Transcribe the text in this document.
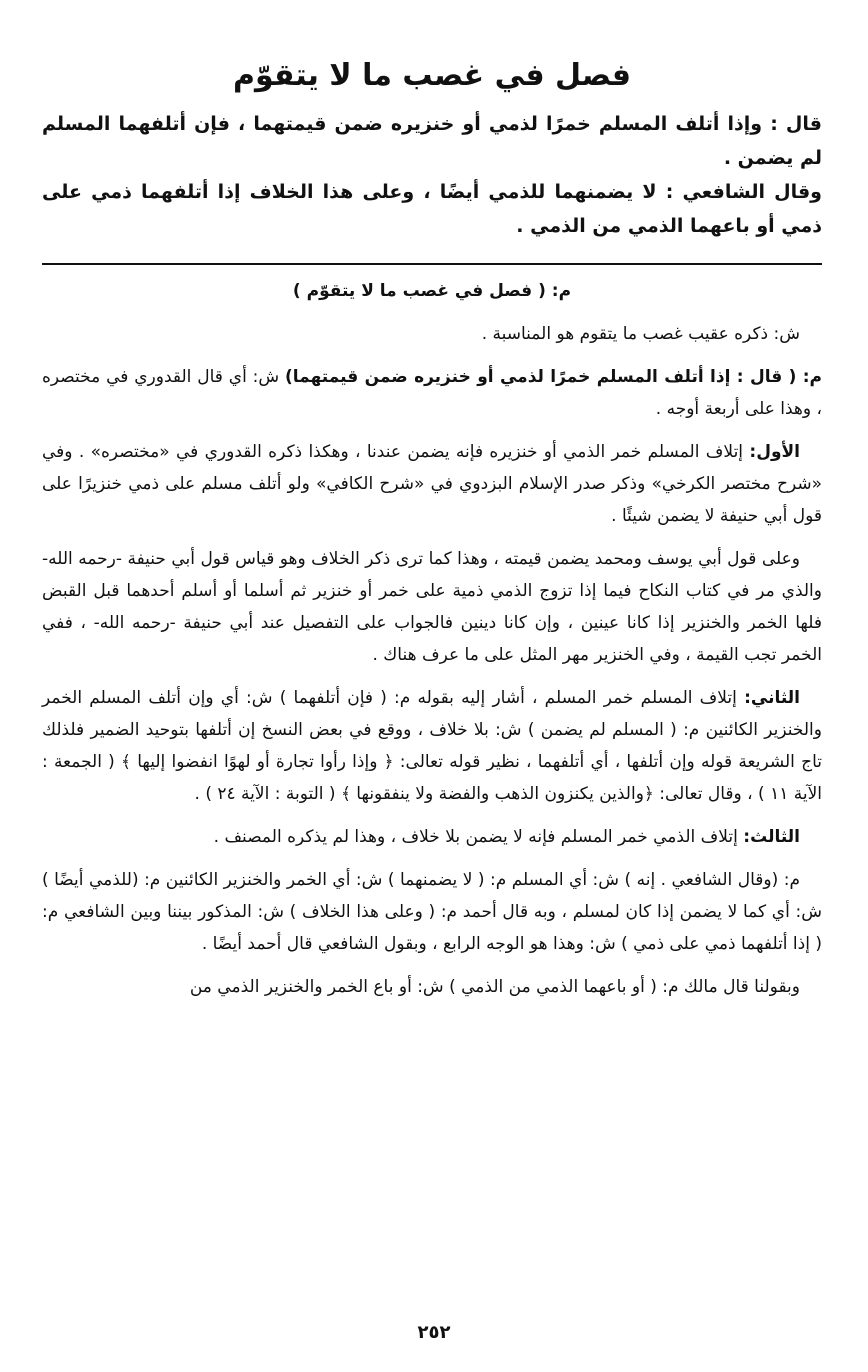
فصل في غصب ما لا يتقوّم

قال : وإذا أتلف المسلم خمرًا لذمي أو خنزيره ضمن قيمتهما ، فإن أتلفهما المسلم لم يضمن .

وقال الشافعي : لا يضمنهما للذمي أيضًا ، وعلى هذا الخلاف إذا أتلفهما ذمي على ذمي أو باعهما الذمي من الذمي .

م: ( فصل في غصب ما لا يتقوّم )

ش: ذكره عقيب غصب ما يتقوم هو المناسبة .

م: ( قال : إذا أتلف المسلم خمرًا لذمي أو خنزيره ضمن قيمتهما) ش: أي قال القدوري في مختصره ، وهذا على أربعة أوجه .

الأول: إتلاف المسلم خمر الذمي أو خنزيره فإنه يضمن عندنا ، وهكذا ذكره القدوري في «مختصره» . وفي «شرح مختصر الكرخي» وذكر صدر الإسلام البزدوي في «شرح الكافي» ولو أتلف مسلم على ذمي خنزيرًا على قول أبي حنيفة لا يضمن شيئًا .

وعلى قول أبي يوسف ومحمد يضمن قيمته ، وهذا كما ترى ذكر الخلاف وهو قياس قول أبي حنيفة -رحمه الله- والذي مر في كتاب النكاح فيما إذا تزوج الذمي ذمية على خمر أو خنزير ثم أسلما أو أسلم أحدهما قبل القبض فلها الخمر والخنزير إذا كانا عينين ، وإن كانا دينين فالجواب على التفصيل عند أبي حنيفة -رحمه الله- ، ففي الخمر تجب القيمة ، وفي الخنزير مهر المثل على ما عرف هناك .

الثاني: إتلاف المسلم خمر المسلم ، أشار إليه بقوله م: ( فإن أتلفهما ) ش: أي وإن أتلف المسلم الخمر والخنزير الكائنين م: ( المسلم لم يضمن ) ش: بلا خلاف ، ووقع في بعض النسخ إن أتلفها بتوحيد الضمير فلذلك تاج الشريعة قوله وإن أتلفها ، أي أتلفهما ، نظير قوله تعالى: ﴿ وإذا رأوا تجارة أو لهوًا انفضوا إليها ﴾ ( الجمعة : الآية ١١ ) ، وقال تعالى: ﴿والذين يكنزون الذهب والفضة ولا ينفقونها ﴾ ( التوبة : الآية ٢٤ ) .

الثالث: إتلاف الذمي خمر المسلم فإنه لا يضمن بلا خلاف ، وهذا لم يذكره المصنف .

م: (وقال الشافعي . إنه ) ش: أي المسلم م: ( لا يضمنهما ) ش: أي الخمر والخنزير الكائنين م: (للذمي أيضًا ) ش: أي كما لا يضمن إذا كان لمسلم ، وبه قال أحمد م: ( وعلى هذا الخلاف ) ش: المذكور بيننا وبين الشافعي م: ( إذا أتلفهما ذمي على ذمي ) ش: وهذا هو الوجه الرابع ، وبقول الشافعي قال أحمد أيضًا .

وبقولنا قال مالك م: ( أو باعهما الذمي من الذمي ) ش: أو باع الخمر والخنزير الذمي من

٢٥٢
